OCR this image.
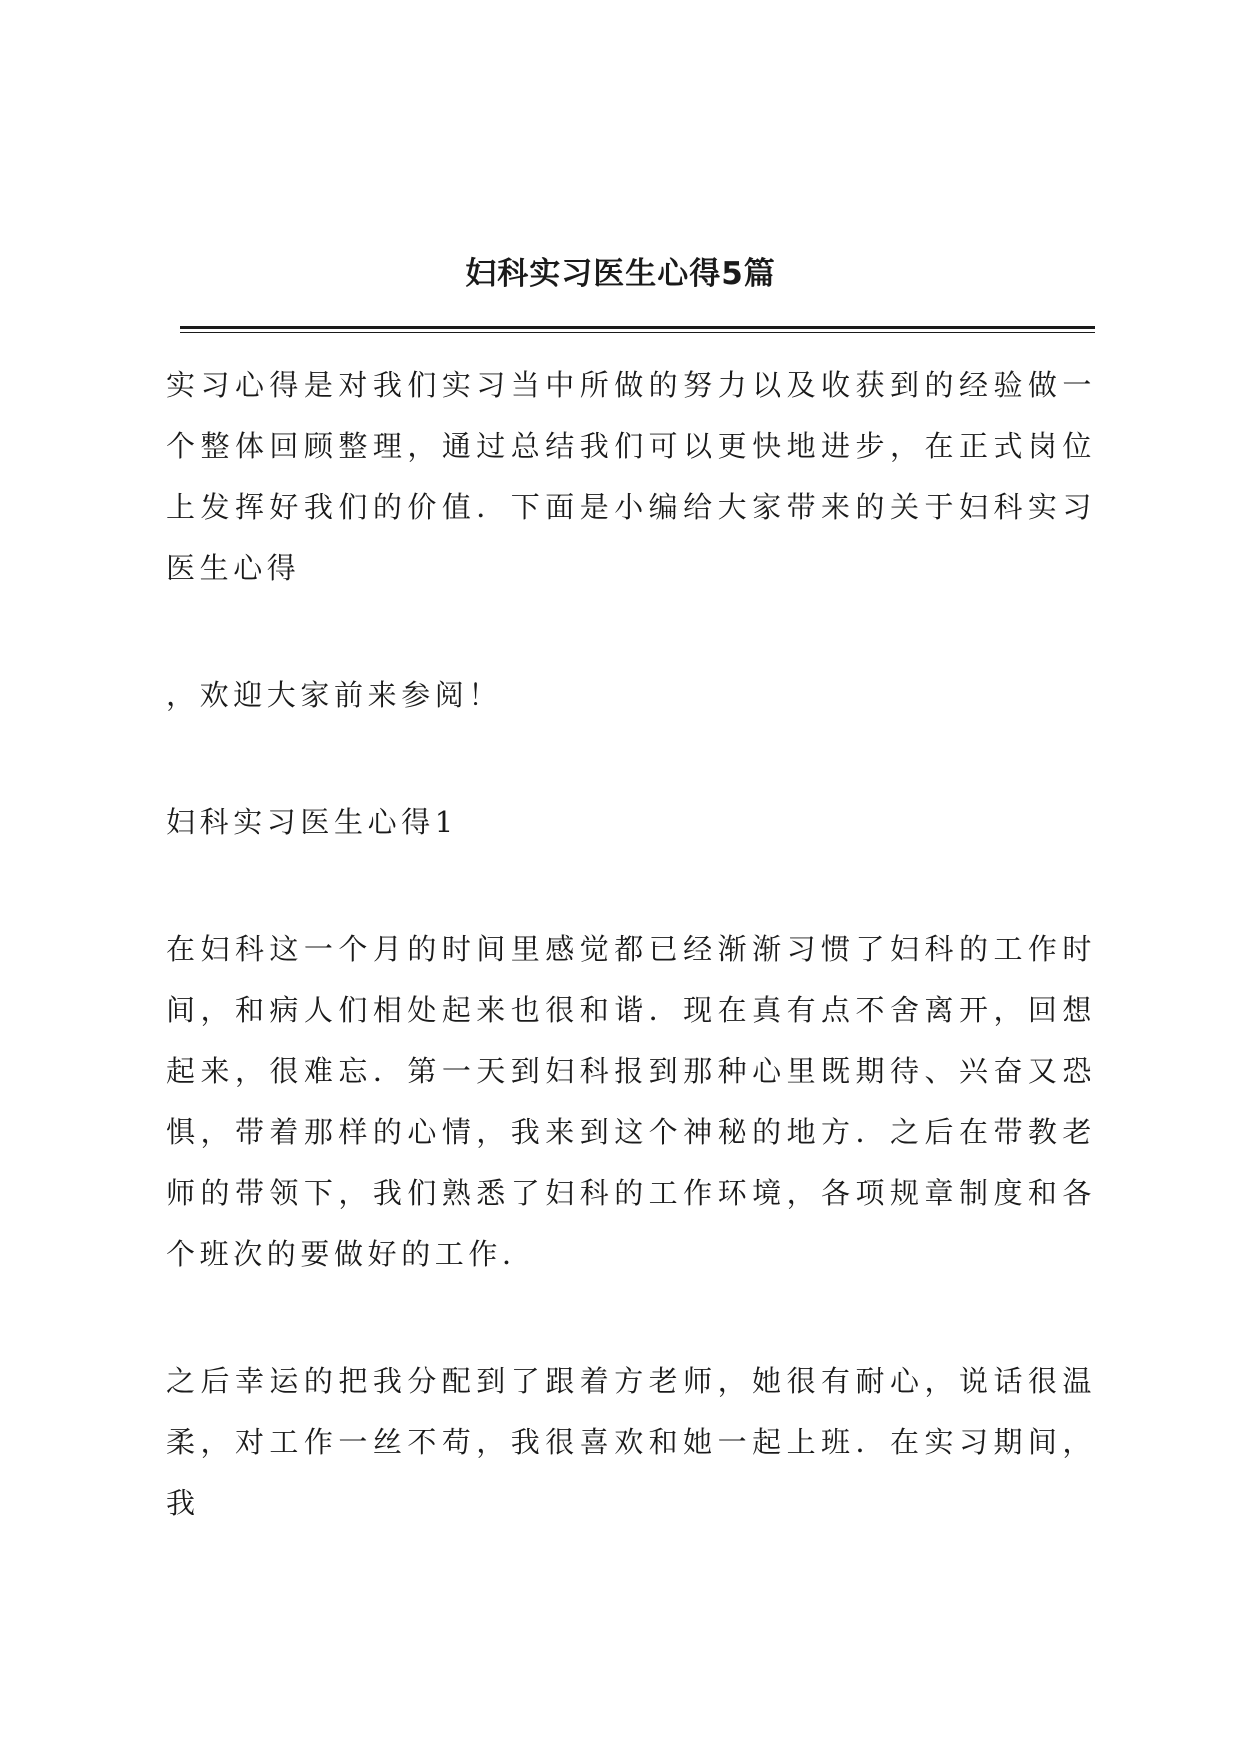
妇科实习医生心得5篇

实习心得是对我们实习当中所做的努力以及收获到的经验做一个整体回顾整理，通过总结我们可以更快地进步，在正式岗位上发挥好我们的价值．下面是小编给大家带来的关于妇科实习医生心得

，欢迎大家前来参阅！

妇科实习医生心得1

在妇科这一个月的时间里感觉都已经渐渐习惯了妇科的工作时间，和病人们相处起来也很和谐．现在真有点不舍离开，回想起来，很难忘．第一天到妇科报到那种心里既期待、兴奋又恐惧，带着那样的心情，我来到这个神秘的地方．之后在带教老师的带领下，我们熟悉了妇科的工作环境，各项规章制度和各个班次的要做好的工作．

之后幸运的把我分配到了跟着方老师，她很有耐心，说话很温柔，对工作一丝不苟，我很喜欢和她一起上班．在实习期间，我
